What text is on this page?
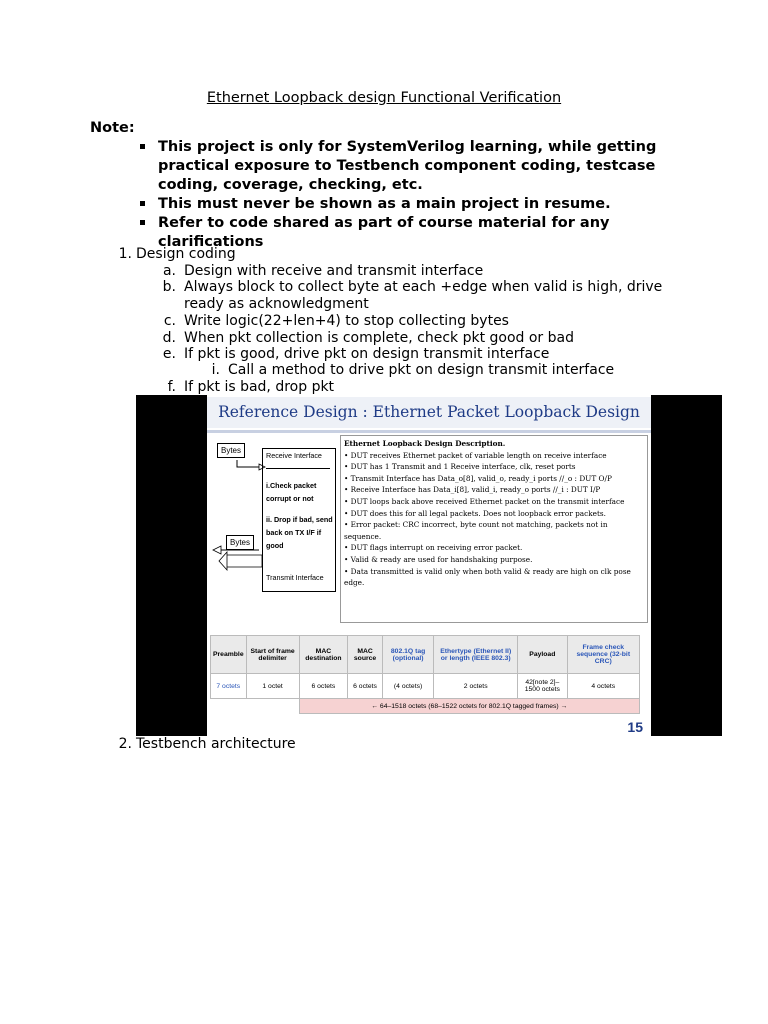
Ethernet Loopback design Functional Verification
Note:
This project is only for SystemVerilog learning, while getting practical exposure to Testbench component coding, testcase coding, coverage, checking, etc.
This must never be shown as a main project in resume.
Refer to code shared as part of course material for any clarifications
1. Design coding
a. Design with receive and transmit interface
b. Always block to collect byte at each +edge when valid is high, drive ready as acknowledgment
c. Write logic(22+len+4) to stop collecting bytes
d. When pkt collection is complete, check pkt good or bad
e. If pkt is good, drive pkt on design transmit interface
i. Call a method to drive pkt on design transmit interface
f. If pkt is bad, drop pkt
Reference Design : Ethernet Packet Loopback Design
Bytes
Bytes
Receive Interface
i.Check packet corrupt or not
ii. Drop if bad, send back on TX I/F if good
Transmit Interface
Ethernet Loopback Design Description.
• DUT receives Ethernet packet of variable length on receive interface
• DUT has 1 Transmit and 1 Receive interface, clk, reset ports
• Transmit Interface has Data_o[8], valid_o, ready_i ports //_o : DUT O/P
• Receive Interface has Data_i[8], valid_i, ready_o ports //_i : DUT I/P
• DUT loops back above received Ethernet packet on the transmit interface
• DUT does this for all legal packets. Does not loopback error packets.
• Error packet: CRC incorrect, byte count not matching, packets not in sequence.
• DUT flags interrupt on receiving error packet.
• Valid & ready are used for handshaking purpose.
• Data transmitted is valid only when both valid & ready are high on clk pose edge.
Preamble	Start of frame delimiter	MAC destination	MAC source	802.1Q tag (optional)	Ethertype (Ethernet II) or length (IEEE 802.3)	Payload	Frame check sequence (32-bit CRC)
7 octets	1 octet	6 octets	6 octets	(4 octets)	2 octets	42[note 2]–1500 octets	4 octets
		← 64–1518 octets (68–1522 octets for 802.1Q tagged frames) →					
15
2. Testbench architecture
